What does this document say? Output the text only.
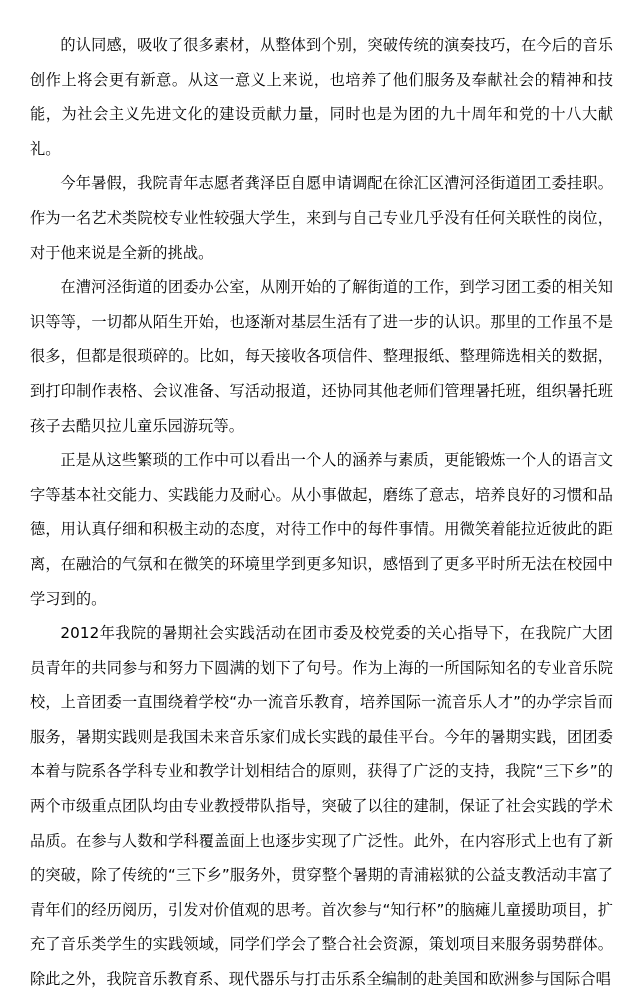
的认同感，吸收了很多素材，从整体到个别，突破传统的演奏技巧，在今后的音乐创作上将会更有新意。从这一意义上来说，也培养了他们服务及奉献社会的精神和技能，为社会主义先进文化的建设贡献力量，同时也是为团的九十周年和党的十八大献礼。

今年暑假，我院青年志愿者龚泽臣自愿申请调配在徐汇区漕河泾街道团工委挂职。作为一名艺术类院校专业性较强大学生，来到与自己专业几乎没有任何关联性的岗位，对于他来说是全新的挑战。

在漕河泾街道的团委办公室，从刚开始的了解街道的工作，到学习团工委的相关知识等等，一切都从陌生开始，也逐渐对基层生活有了进一步的认识。那里的工作虽不是很多，但都是很琐碎的。比如，每天接收各项信件、整理报纸、整理筛选相关的数据，到打印制作表格、会议准备、写活动报道，还协同其他老师们管理暑托班，组织暑托班孩子去酷贝拉儿童乐园游玩等。

正是从这些繁琐的工作中可以看出一个人的涵养与素质，更能锻炼一个人的语言文字等基本社交能力、实践能力及耐心。从小事做起，磨练了意志，培养良好的习惯和品德，用认真仔细和积极主动的态度，对待工作中的每件事情。用微笑着能拉近彼此的距离，在融洽的气氛和在微笑的环境里学到更多知识，感悟到了更多平时所无法在校园中学习到的。

2012年我院的暑期社会实践活动在团市委及校党委的关心指导下，在我院广大团员青年的共同参与和努力下圆满的划下了句号。作为上海的一所国际知名的专业音乐院校，上音团委一直围绕着学校“办一流音乐教育，培养国际一流音乐人才”的办学宗旨而服务，暑期实践则是我国未来音乐家们成长实践的最佳平台。今年的暑期实践，团团委本着与院系各学科专业和教学计划相结合的原则，获得了广泛的支持，我院“三下乡”的两个市级重点团队均由专业教授带队指导，突破了以往的建制，保证了社会实践的学术品质。在参与人数和学科覆盖面上也逐步实现了广泛性。此外，在内容形式上也有了新的突破，除了传统的“三下乡”服务外，贯穿整个暑期的青浦崧狱的公益支教活动丰富了青年们的经历阅历，引发对价值观的思考。首次参与“知行杯”的脑瘫儿童援助项目，扩充了音乐类学生的实践领域，同学们学会了整合社会资源，策划项目来服务弱势群体。除此之外，我院音乐教育系、现代器乐与打击乐系全编制的赴美国和欧洲参与国际合唱
